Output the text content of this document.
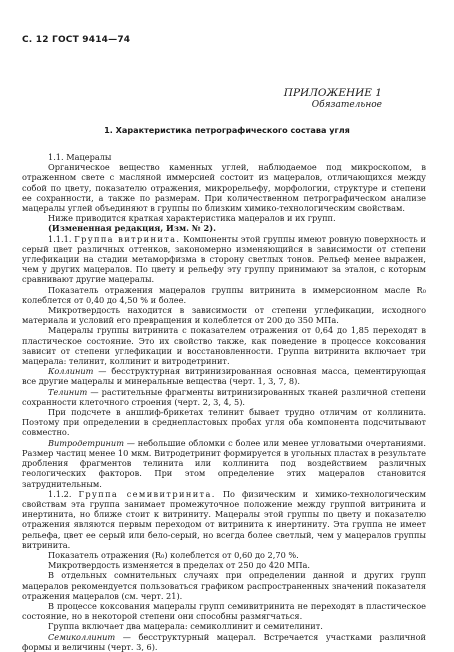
С. 12 ГОСТ 9414—74
ПРИЛОЖЕНИЕ 1
Обязательное
1. Характеристика петрографического состава угля

1.1. Мацералы

Органическое вещество каменных углей, наблюдаемое под микроскопом, в отраженном свете с масляной иммерсией состоит из мацералов, отличающихся между собой по цвету, показателю отражения, микрорельефу, морфологии, структуре и степени ее сохранности, а также по размерам. При количественном петрографическом анализе мацералы углей объединяют в группы по близким химико-технологическим свойствам.

Ниже приводится краткая характеристика мацералов и их групп.

(Измененная редакция, Изм. № 2).

1.1.1. Группа витринита. Компоненты этой группы имеют ровную поверхность и серый цвет различных оттенков, закономерно изменяющийся в зависимости от степени углефикации на стадии метаморфизма в сторону светлых тонов. Рельеф менее выражен, чем у других мацералов. По цвету и рельефу эту группу принимают за эталон, с которым сравнивают другие мацералы.

Показатель отражения мацералов группы витринита в иммерсионном масле R₀ колеблется от 0,40 до 4,50 % и более.

Микротвердость находится в зависимости от степени углефикации, исходного материала и условий его превращения и колеблется от 200 до 350 МПа.

Мацералы группы витринита с показателем отражения от 0,64 до 1,85 переходят в пластическое состояние. Это их свойство также, как поведение в процессе коксования зависит от степени углефикации и восстановленности. Группа витринита включает три мацерала: телинит, коллинит и витродетринит.

Коллинит — бесструктурная витринизированная основная масса, цементирующая все другие мацералы и минеральные вещества (черт. 1, 3, 7, 8).

Телинит — растительные фрагменты витринизированных тканей различной степени сохранности клеточного строения (черт. 2, 3, 4, 5).

При подсчете в аншлиф-брикетах телинит бывает трудно отличим от коллинита. Поэтому при определении в среднепластовых пробах угля оба компонента подсчитывают совместно.

Витродетринит — небольшие обломки с более или менее угловатыми очертаниями. Размер частиц менее 10 мкм. Витродетринит формируется в угольных пластах в результате дробления фрагментов телинита или коллинита под воздействием различных геологических факторов. При этом определение этих мацералов становится затруднительным.

1.1.2. Группа семивитринита. По физическим и химико-технологическим свойствам эта группа занимает промежуточное положение между группой витринита и инертинита, но ближе стоит к витриниту. Мацералы этой группы по цвету и показателю отражения являются первым переходом от витринита к инертиниту. Эта группа не имеет рельефа, цвет ее серый или бело-серый, но всегда более светлый, чем у мацералов группы витринита.

Показатель отражения (R₀) колеблется от 0,60 до 2,70 %.

Микротвердость изменяется в пределах от 250 до 420 МПа.

В отдельных сомнительных случаях при определении данной и других групп мацералов рекомендуется пользоваться графиком распространенных значений показателя отражения мацералов (см. черт. 21).

В процессе коксования мацералы групп семивитринита не переходят в пластическое состояние, но в некоторой степени они способны размягчаться.

Группа включает два мацерала: семиколлинит и семителинит.

Семиколлинит — бесструктурный мацерал. Встречается участками различной формы и величины (черт. 3, 6).
